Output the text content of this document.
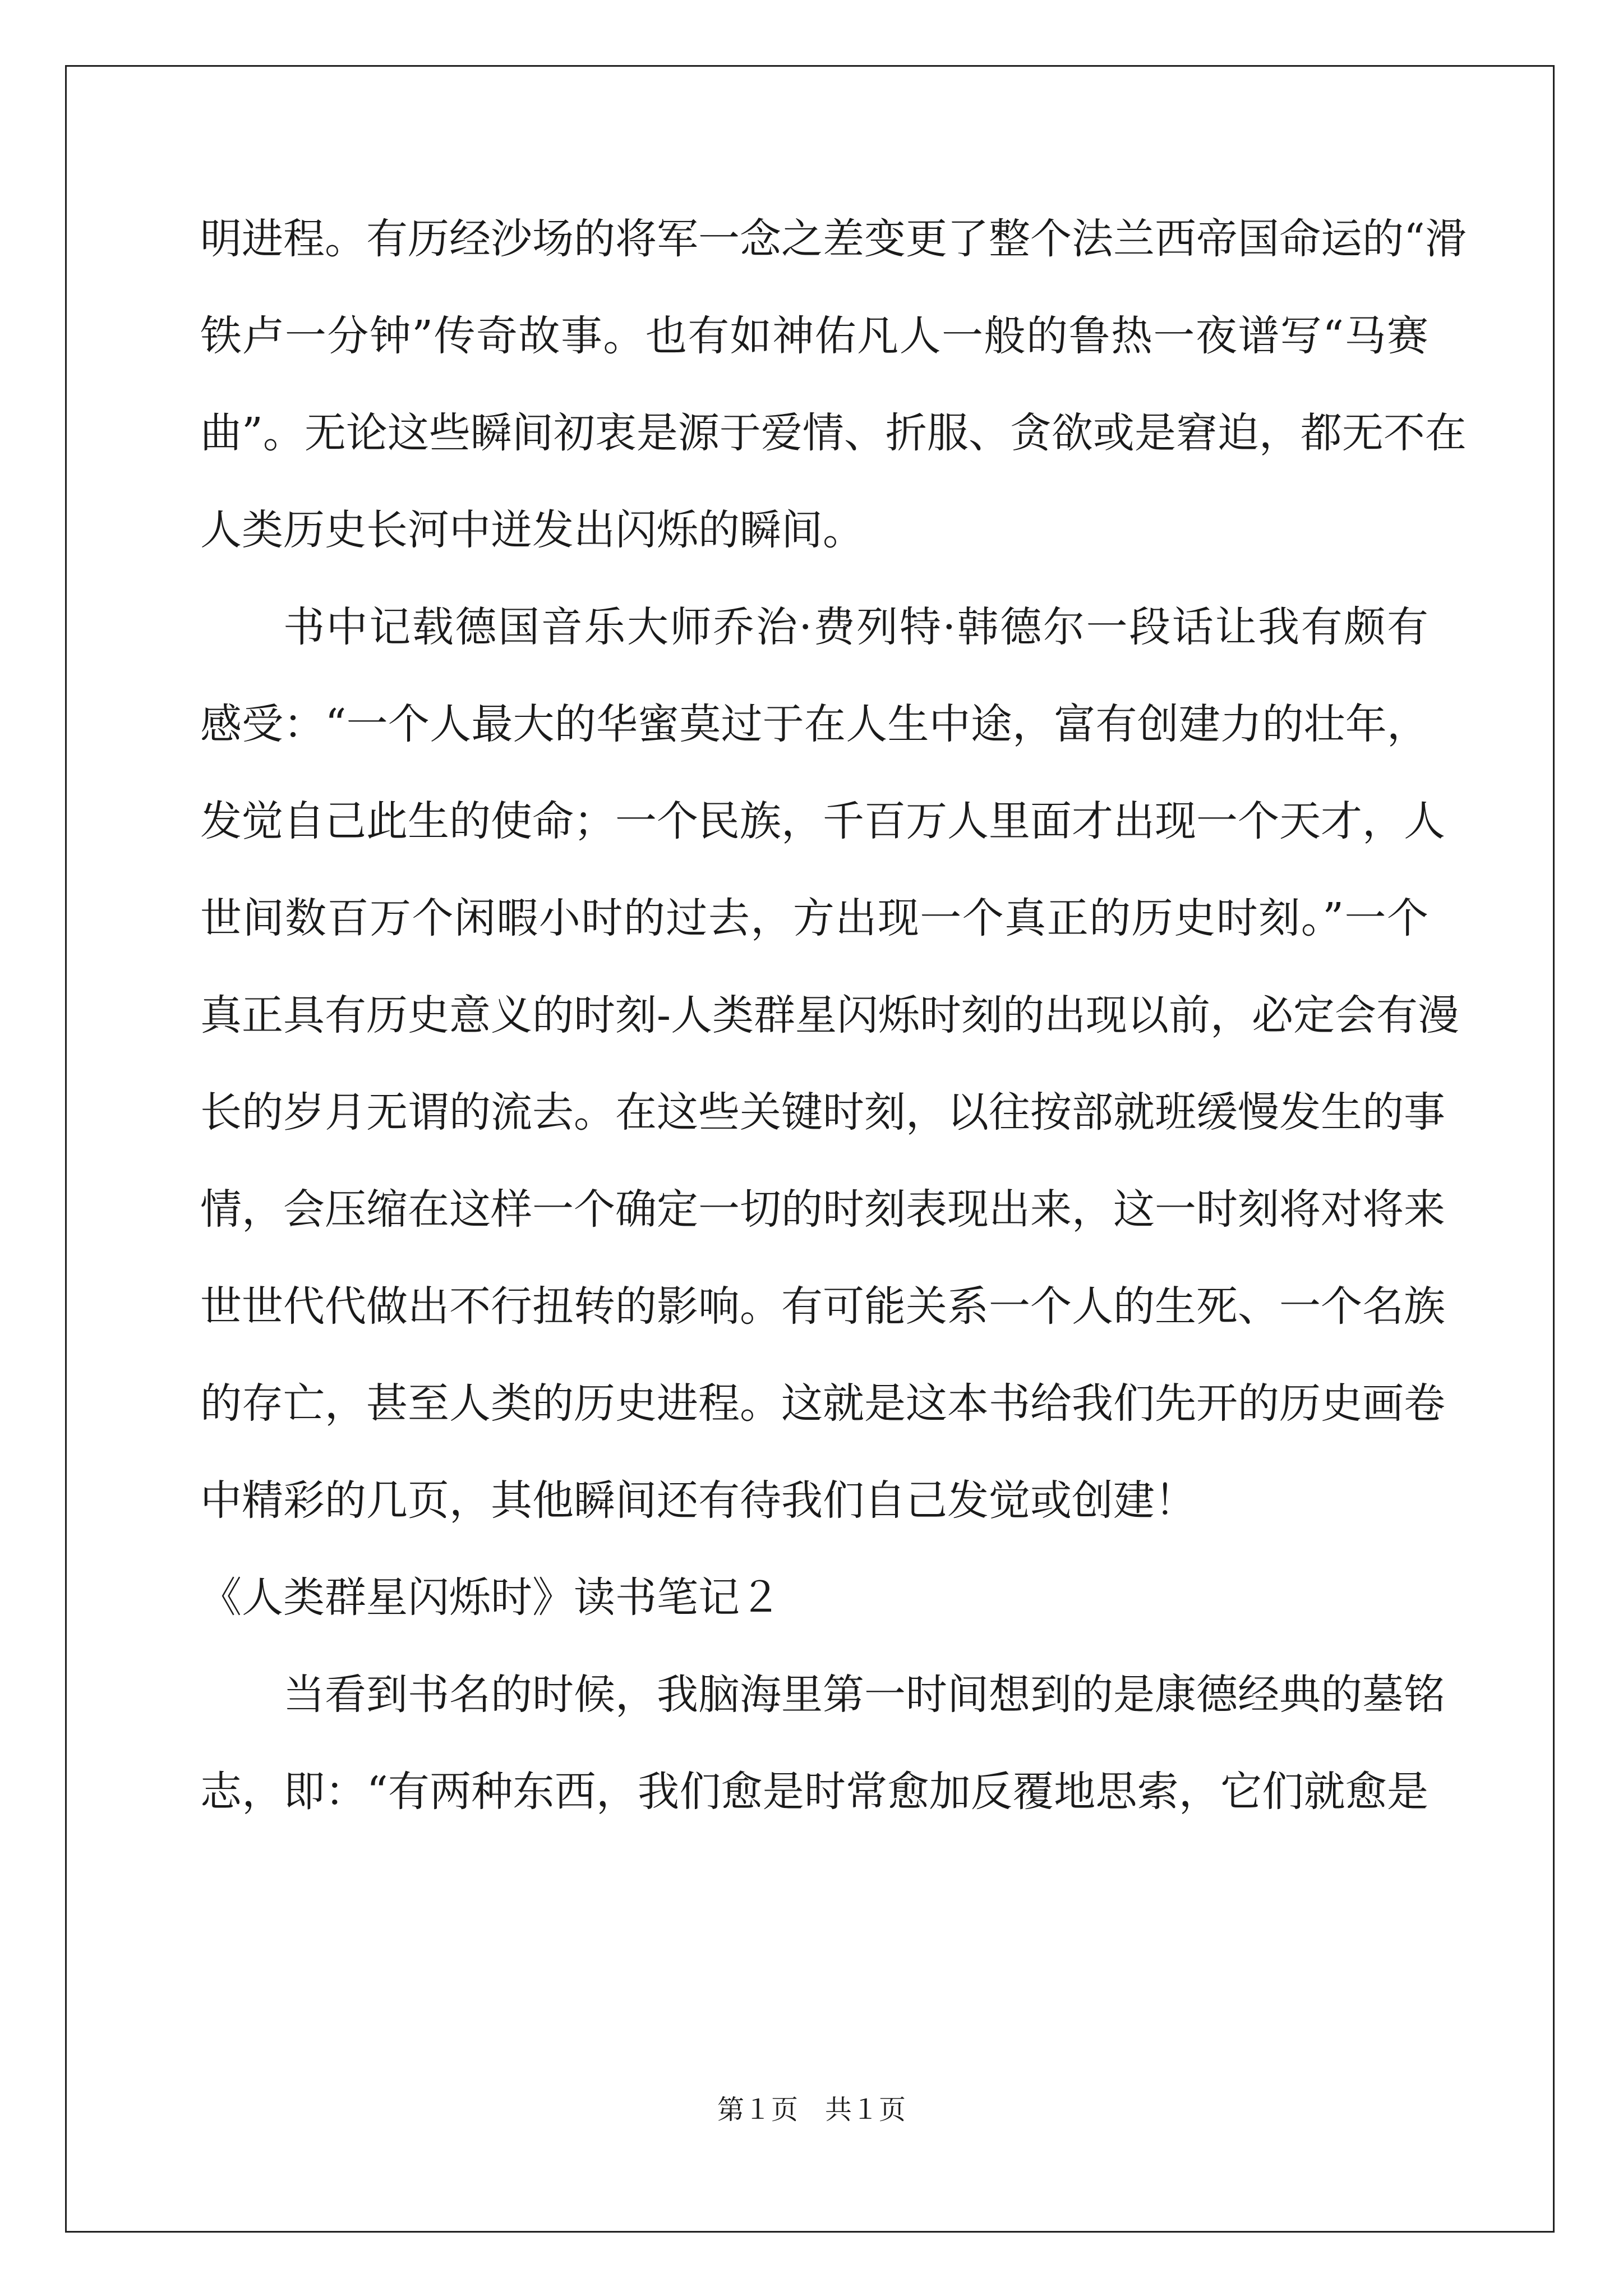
明进程。有历经沙场的将军一念之差变更了整个法兰西帝国命运的“滑
铁卢一分钟”传奇故事。也有如神佑凡人一般的鲁热一夜谱写“马赛
曲”。无论这些瞬间初衷是源于爱情、折服、贪欲或是窘迫，都无不在
人类历史长河中迸发出闪烁的瞬间。
书中记载德国音乐大师乔治·费列特·韩德尔一段话让我有颇有
感受：“一个人最大的华蜜莫过于在人生中途，富有创建力的壮年，
发觉自己此生的使命；一个民族，千百万人里面才出现一个天才，人
世间数百万个闲暇小时的过去，方出现一个真正的历史时刻。”一个
真正具有历史意义的时刻-人类群星闪烁时刻的出现以前，必定会有漫
长的岁月无谓的流去。在这些关键时刻，以往按部就班缓慢发生的事
情，会压缩在这样一个确定一切的时刻表现出来，这一时刻将对将来
世世代代做出不行扭转的影响。有可能关系一个人的生死、一个名族
的存亡，甚至人类的历史进程。这就是这本书给我们先开的历史画卷
中精彩的几页，其他瞬间还有待我们自己发觉或创建！
《人类群星闪烁时》读书笔记２
当看到书名的时候，我脑海里第一时间想到的是康德经典的墓铭
志，即：“有两种东西，我们愈是时常愈加反覆地思索，它们就愈是
第１页　共１页
